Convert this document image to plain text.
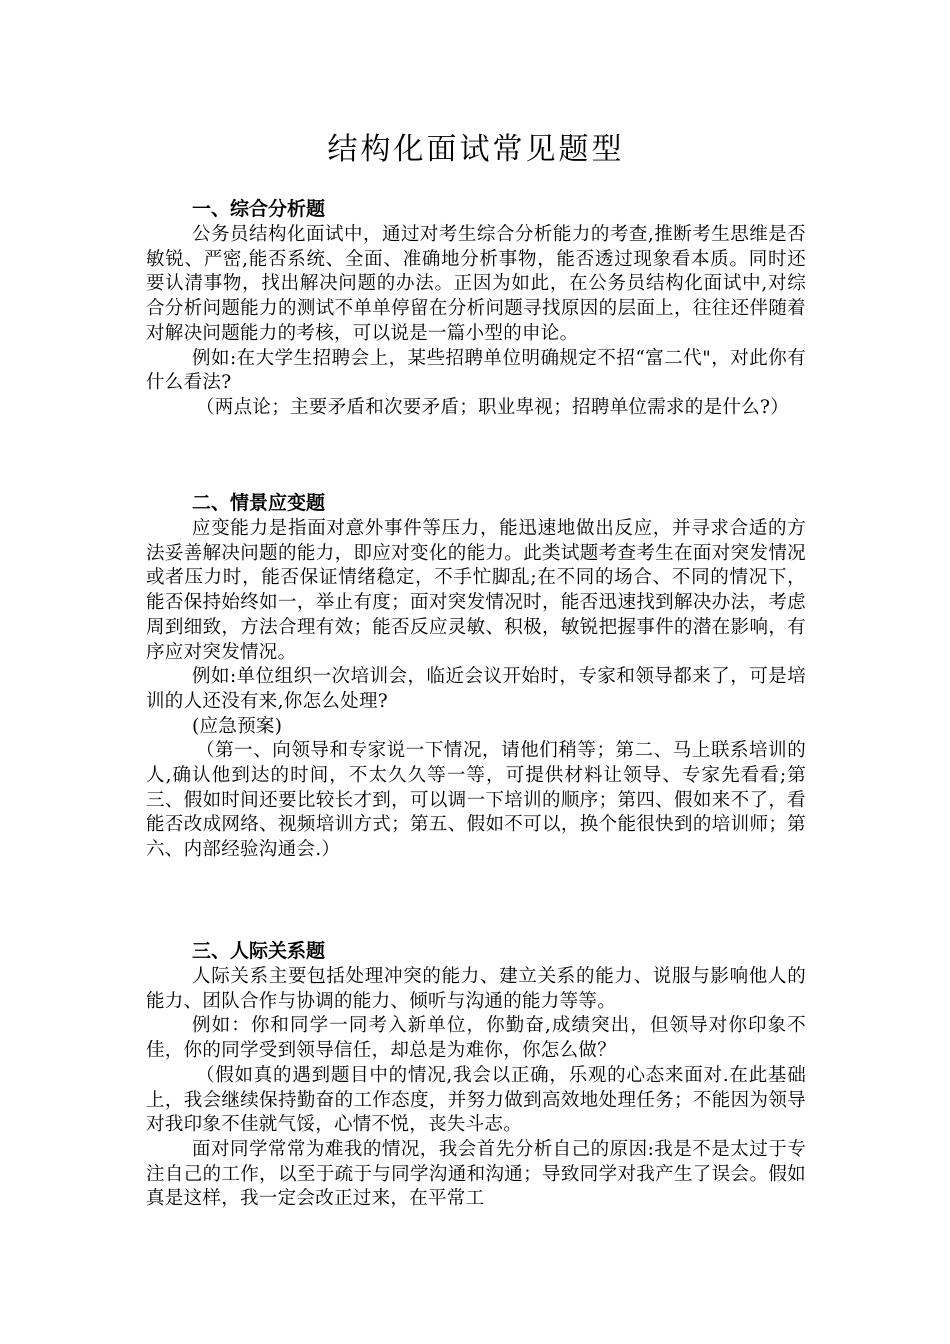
结构化面试常见题型
一、综合分析题

公务员结构化面试中，通过对考生综合分析能力的考查,推断考生思维是否敏锐、严密,能否系统、全面、准确地分析事物，能否透过现象看本质。同时还要认清事物，找出解决问题的办法。正因为如此，在公务员结构化面试中,对综合分析问题能力的测试不单单停留在分析问题寻找原因的层面上，往往还伴随着对解决问题能力的考核，可以说是一篇小型的申论。

例如:在大学生招聘会上，某些招聘单位明确规定不招“富二代"，对此你有什么看法?

（两点论；主要矛盾和次要矛盾；职业卑视；招聘单位需求的是什么?）

二、情景应变题

应变能力是指面对意外事件等压力，能迅速地做出反应，并寻求合适的方法妥善解决问题的能力，即应对变化的能力。此类试题考查考生在面对突发情况或者压力时，能否保证情绪稳定，不手忙脚乱;在不同的场合、不同的情况下，能否保持始终如一，举止有度；面对突发情况时，能否迅速找到解决办法，考虑周到细致，方法合理有效；能否反应灵敏、积极，敏锐把握事件的潜在影响，有序应对突发情况。

例如:单位组织一次培训会，临近会议开始时，专家和领导都来了，可是培训的人还没有来,你怎么处理?

(应急预案)

（第一、向领导和专家说一下情况，请他们稍等；第二、马上联系培训的人,确认他到达的时间，不太久久等一等，可提供材料让领导、专家先看看;第三、假如时间还要比较长才到，可以调一下培训的顺序；第四、假如来不了，看能否改成网络、视频培训方式；第五、假如不可以，换个能很快到的培训师；第六、内部经验沟通会.）

三、人际关系题

人际关系主要包括处理冲突的能力、建立关系的能力、说服与影响他人的能力、团队合作与协调的能力、倾听与沟通的能力等等。

例如：你和同学一同考入新单位，你勤奋,成绩突出，但领导对你印象不佳，你的同学受到领导信任，却总是为难你，你怎么做？

（假如真的遇到题目中的情况,我会以正确，乐观的心态来面对.在此基础上，我会继续保持勤奋的工作态度，并努力做到高效地处理任务；不能因为领导对我印象不佳就气馁，心情不悦，丧失斗志。

面对同学常常为难我的情况，我会首先分析自己的原因:我是不是太过于专注自己的工作，以至于疏于与同学沟通和沟通；导致同学对我产生了误会。假如真是这样，我一定会改正过来，在平常工
